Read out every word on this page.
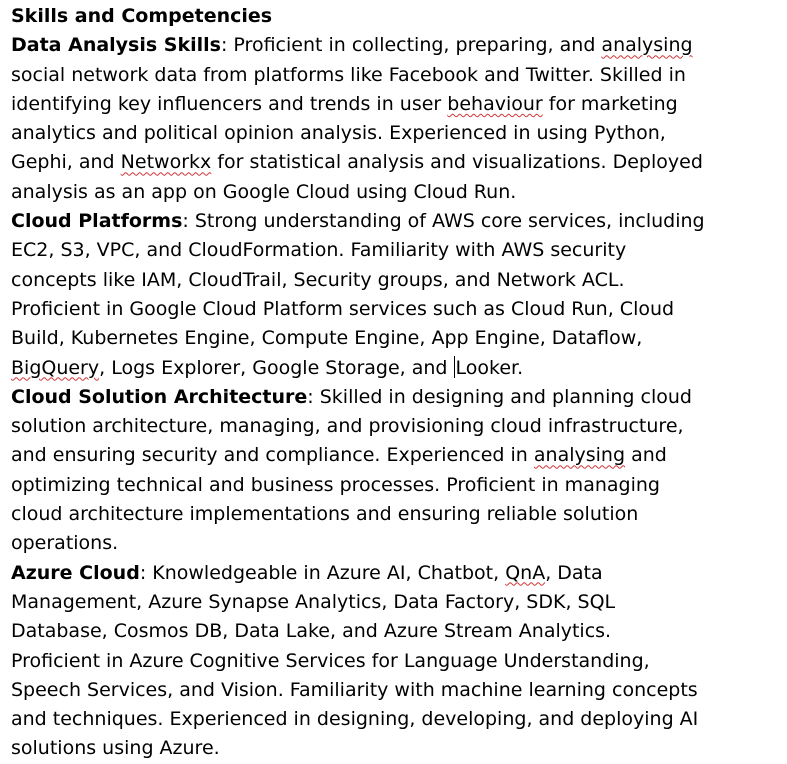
Skills and Competencies

Data Analysis Skills: Proficient in collecting, preparing, and analysing
social network data from platforms like Facebook and Twitter. Skilled in
identifying key influencers and trends in user behaviour for marketing
analytics and political opinion analysis. Experienced in using Python,
Gephi, and Networkx for statistical analysis and visualizations. Deployed
analysis as an app on Google Cloud using Cloud Run.

Cloud Platforms: Strong understanding of AWS core services, including
EC2, S3, VPC, and CloudFormation. Familiarity with AWS security
concepts like IAM, CloudTrail, Security groups, and Network ACL.
Proficient in Google Cloud Platform services such as Cloud Run, Cloud
Build, Kubernetes Engine, Compute Engine, App Engine, Dataflow,
BigQuery, Logs Explorer, Google Storage, and Looker.

Cloud Solution Architecture: Skilled in designing and planning cloud
solution architecture, managing, and provisioning cloud infrastructure,
and ensuring security and compliance. Experienced in analysing and
optimizing technical and business processes. Proficient in managing
cloud architecture implementations and ensuring reliable solution
operations.

Azure Cloud: Knowledgeable in Azure AI, Chatbot, QnA, Data
Management, Azure Synapse Analytics, Data Factory, SDK, SQL
Database, Cosmos DB, Data Lake, and Azure Stream Analytics.
Proficient in Azure Cognitive Services for Language Understanding,
Speech Services, and Vision. Familiarity with machine learning concepts
and techniques. Experienced in designing, developing, and deploying AI
solutions using Azure.
